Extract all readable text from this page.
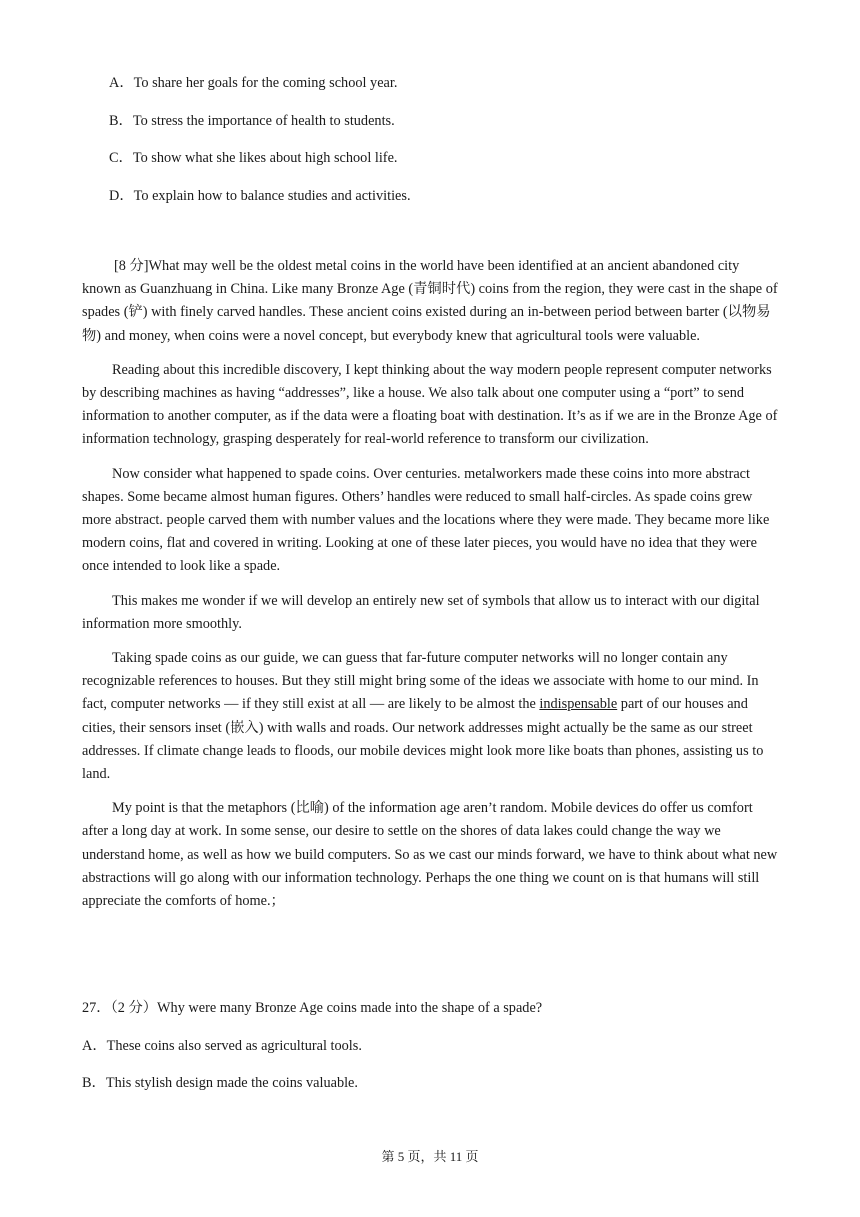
A．To share her goals for the coming school year.
B．To stress the importance of health to students.
C．To show what she likes about high school life.
D．To explain how to balance studies and activities.

[8 分]What may well be the oldest metal coins in the world have been identified at an ancient abandoned city known as Guanzhuang in China. Like many Bronze Age (青铜时代) coins from the region, they were cast in the shape of spades (铲) with finely carved handles. These ancient coins existed during an in-between period between barter (以物易物) and money, when coins were a novel concept, but everybody knew that agricultural tools were valuable.

Reading about this incredible discovery, I kept thinking about the way modern people represent computer networks by describing machines as having “addresses”, like a house. We also talk about one computer using a “port” to send information to another computer, as if the data were a floating boat with destination. It’s as if we are in the Bronze Age of information technology, grasping desperately for real-world reference to transform our civilization.

Now consider what happened to spade coins. Over centuries. metalworkers made these coins into more abstract shapes. Some became almost human figures. Others’ handles were reduced to small half-circles. As spade coins grew more abstract. people carved them with number values and the locations where they were made. They became more like modern coins, flat and covered in writing. Looking at one of these later pieces, you would have no idea that they were once intended to look like a spade.

This makes me wonder if we will develop an entirely new set of symbols that allow us to interact with our digital information more smoothly.

Taking spade coins as our guide, we can guess that far-future computer networks will no longer contain any recognizable references to houses. But they still might bring some of the ideas we associate with home to our mind. In fact, computer networks — if they still exist at all — are likely to be almost the indispensable part of our houses and cities, their sensors inset (嵌入) with walls and roads. Our network addresses might actually be the same as our street addresses. If climate change leads to floods, our mobile devices might look more like boats than phones, assisting us to land.

My point is that the metaphors (比喻) of the information age aren’t random. Mobile devices do offer us comfort after a long day at work. In some sense, our desire to settle on the shores of data lakes could change the way we understand home, as well as how we build computers. So as we cast our minds forward, we have to think about what new abstractions will go along with our information technology. Perhaps the one thing we count on is that humans will still appreciate the comforts of home.；

27．（2 分）Why were many Bronze Age coins made into the shape of a spade?
A．These coins also served as agricultural tools.
B．This stylish design made the coins valuable.
第 5 页，共 11 页
